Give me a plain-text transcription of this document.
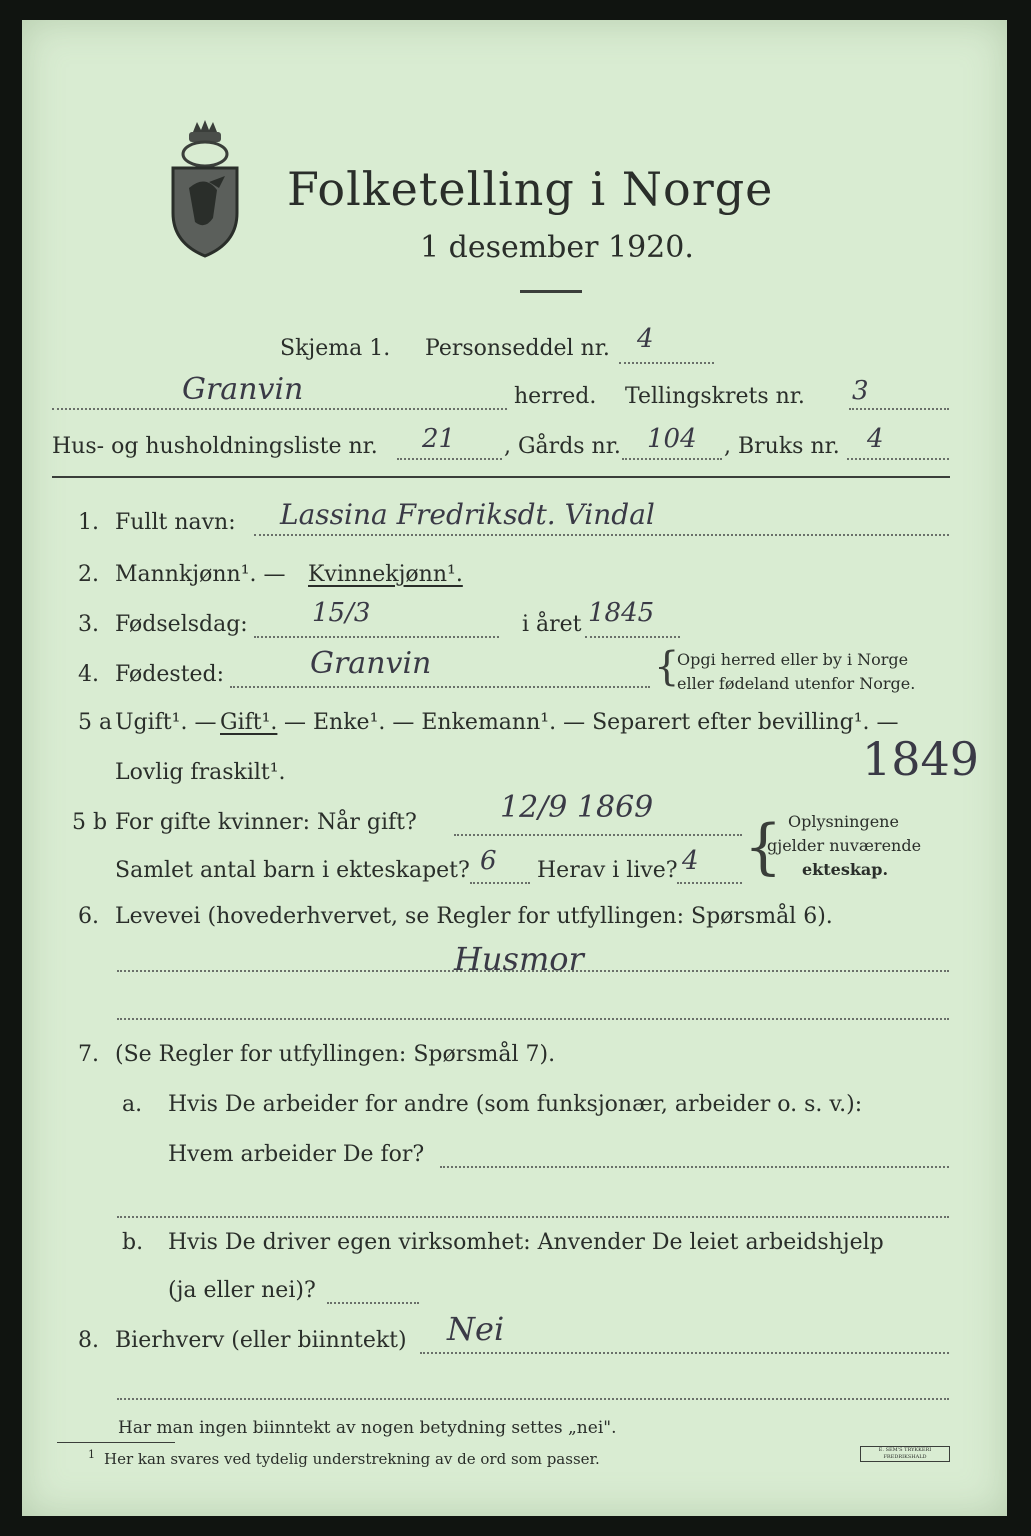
Folketelling i Norge
1 desember 1920.
Skjema 1. Personseddel nr. 4
Granvin	herred. Tellingskrets nr. 3
Hus- og husholdningsliste nr. 21 , Gårds nr. 104 , Bruks nr. 4
1. Fullt navn: Lassina Fredriksdt. Vindal
2. Mannkjønn¹. — Kvinnekjønn¹.
3. Fødselsdag: 15/3	i året 1845
4. Fødested:	Granvin	{
Opgi herred eller by i Norge
eller fødeland utenfor Norge.
5 a Ugift¹. — Gift¹. — Enke¹. — Enkemann¹. — Separert efter bevilling¹. —
Lovlig fraskilt¹.	1849
5 b For gifte kvinner: Når gift?	12/9 1869
Samlet antal barn i ekteskapet? 6 Herav i live? 4 { Oplysningene
gjelder nuværende
ekteskap.
6. Levevei (hovederhvervet, se Regler for utfyllingen: Spørsmål 6).
Husmor
7. (Se Regler for utfyllingen: Spørsmål 7).
a. Hvis De arbeider for andre (som funksjonær, arbeider o. s. v.):
Hvem arbeider De for?
b. Hvis De driver egen virksomhet: Anvender De leiet arbeidshjelp
(ja eller nei)?
8. Bierhverv (eller biinntekt) Nei
Har man ingen biinntekt av nogen betydning settes „nei".
1 Her kan svares ved tydelig understrekning av de ord som passer.	E. SEM'S TRYKKERI FREDRIKSHALD
